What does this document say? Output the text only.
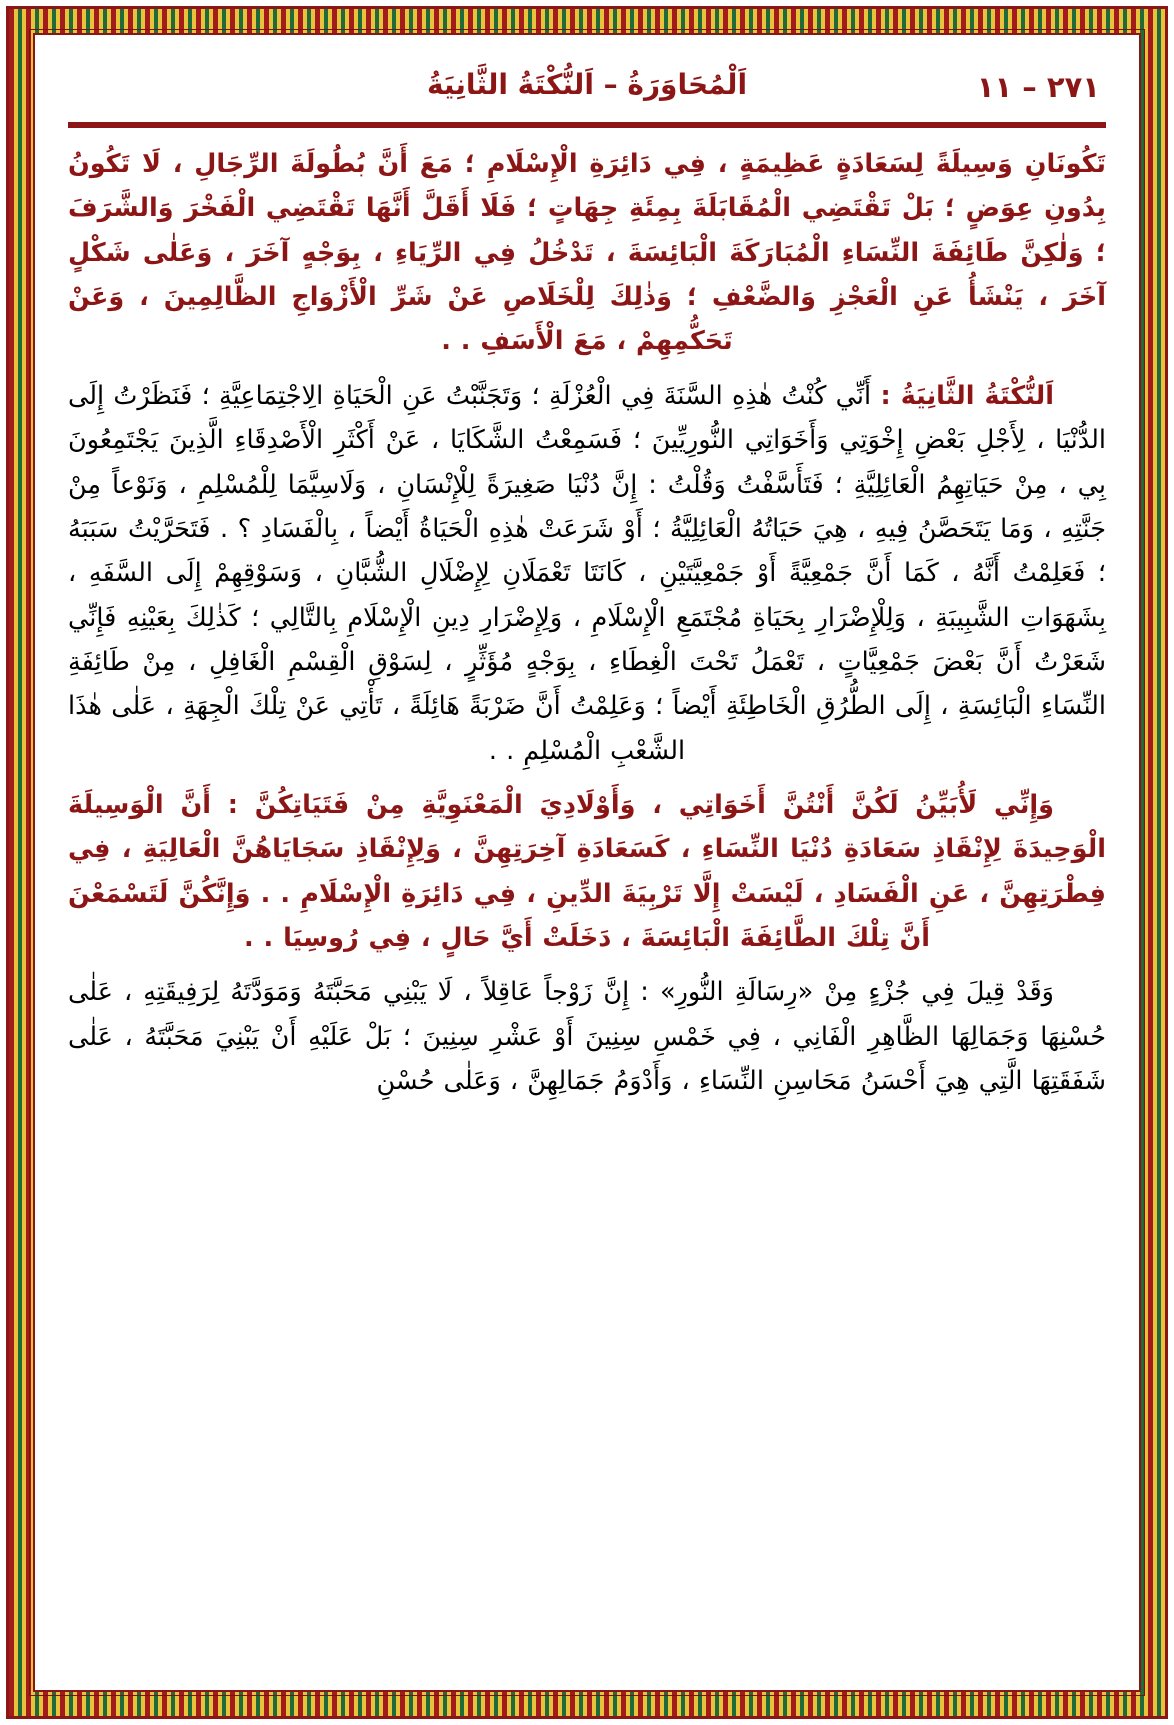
٢٧١ – ١١
اَلْمُحَاوَرَةُ – اَلنُّكْتَةُ الثَّانِيَةُ

تَكُونَانِ وَسِيلَةً لِسَعَادَةٍ عَظِيمَةٍ ، فِي دَائِرَةِ الْإِسْلَامِ ؛ مَعَ أَنَّ بُطُولَةَ الرِّجَالِ ، لَا تَكُونُ بِدُونِ عِوَضٍ ؛ بَلْ تَقْتَضِي الْمُقَابَلَةَ بِمِئَةِ جِهَاتٍ ؛ فَلَا أَقَلَّ أَنَّهَا تَقْتَضِي الْفَخْرَ وَالشَّرَفَ ؛ وَلٰكِنَّ طَائِفَةَ النِّسَاءِ الْمُبَارَكَةَ الْبَائِسَةَ ، تَدْخُلُ فِي الرِّيَاءِ ، بِوَجْهٍ آخَرَ ، وَعَلٰى شَكْلٍ آخَرَ ، يَنْشَأُ عَنِ الْعَجْزِ وَالضَّعْفِ ؛ وَذٰلِكَ لِلْخَلَاصِ عَنْ شَرِّ الْأَزْوَاجِ الظَّالِمِينَ ، وَعَنْ تَحَكُّمِهِمْ ، مَعَ الْأَسَفِ . .

اَلنُّكْتَةُ الثَّانِيَةُ : أَنِّي كُنْتُ هٰذِهِ السَّنَةَ فِي الْعُزْلَةِ ؛ وَتَجَنَّبْتُ عَنِ الْحَيَاةِ الِاجْتِمَاعِيَّةِ ؛ فَنَظَرْتُ إِلَى الدُّنْيَا ، لِأَجْلِ بَعْضِ إِخْوَتِي وَأَخَوَاتِي النُّورِيِّينَ ؛ فَسَمِعْتُ الشَّكَايَا ، عَنْ أَكْثَرِ الْأَصْدِقَاءِ الَّذِينَ يَجْتَمِعُونَ بِي ، مِنْ حَيَاتِهِمُ الْعَائِلِيَّةِ ؛ فَتَأَسَّفْتُ وَقُلْتُ : إِنَّ دُنْيَا صَغِيرَةً لِلْإِنْسَانِ ، وَلَاسِيَّمَا لِلْمُسْلِمِ ، وَنَوْعاً مِنْ جَنَّتِهِ ، وَمَا يَتَحَصَّنُ فِيهِ ، هِيَ حَيَاتُهُ الْعَائِلِيَّةُ ؛ أَوْ شَرَعَتْ هٰذِهِ الْحَيَاةُ أَيْضاً ، بِالْفَسَادِ ؟ . فَتَحَرَّيْتُ سَبَبَهُ ؛ فَعَلِمْتُ أَنَّهُ ، كَمَا أَنَّ جَمْعِيَّةً أَوْ جَمْعِيَّتَيْنِ ، كَانَتَا تَعْمَلَانِ لِإِضْلَالِ الشُّبَّانِ ، وَسَوْقِهِمْ إِلَى السَّفَهِ ، بِشَهَوَاتِ الشَّبِيبَةِ ، وَلِلْإِضْرَارِ بِحَيَاةِ مُجْتَمَعِ الْإِسْلَامِ ، وَلِإِضْرَارِ دِينِ الْإِسْلَامِ بِالتَّالِي ؛ كَذٰلِكَ بِعَيْنِهِ فَإِنِّي شَعَرْتُ أَنَّ بَعْضَ جَمْعِيَّاتٍ ، تَعْمَلُ تَحْتَ الْغِطَاءِ ، بِوَجْهٍ مُؤَثِّرٍ ، لِسَوْقِ الْقِسْمِ الْغَافِلِ ، مِنْ طَائِفَةِ النِّسَاءِ الْبَائِسَةِ ، إِلَى الطُّرُقِ الْخَاطِئَةِ أَيْضاً ؛ وَعَلِمْتُ أَنَّ ضَرْبَةً هَائِلَةً ، تَأْتِي عَنْ تِلْكَ الْجِهَةِ ، عَلٰى هٰذَا الشَّعْبِ الْمُسْلِمِ . .

وَإِنِّي لَأُبَيِّنُ لَكُنَّ أَنْتُنَّ أَخَوَاتِي ، وَأَوْلَادِيَ الْمَعْنَوِيَّةِ مِنْ فَتَيَاتِكُنَّ : أَنَّ الْوَسِيلَةَ الْوَحِيدَةَ لِإِنْقَاذِ سَعَادَةِ دُنْيَا النِّسَاءِ ، كَسَعَادَةِ آخِرَتِهِنَّ ، وَلِإِنْقَاذِ سَجَايَاهُنَّ الْعَالِيَةِ ، فِي فِطْرَتِهِنَّ ، عَنِ الْفَسَادِ ، لَيْسَتْ إِلَّا تَرْبِيَةَ الدِّينِ ، فِي دَائِرَةِ الْإِسْلَامِ . . وَإِنَّكُنَّ لَتَسْمَعْنَ أَنَّ تِلْكَ الطَّائِفَةَ الْبَائِسَةَ ، دَخَلَتْ أَيَّ حَالٍ ، فِي رُوسِيَا . .

وَقَدْ قِيلَ فِي جُزْءٍ مِنْ «رِسَالَةِ النُّورِ» : إِنَّ زَوْجاً عَاقِلاً ، لَا يَبْنِي مَحَبَّتَهُ وَمَوَدَّتَهُ لِرَفِيقَتِهِ ، عَلٰى حُسْنِهَا وَجَمَالِهَا الظَّاهِرِ الْفَانِي ، فِي خَمْسِ سِنِينَ أَوْ عَشْرِ سِنِينَ ؛ بَلْ عَلَيْهِ أَنْ يَبْنِيَ مَحَبَّتَهُ ، عَلٰى شَفَقَتِهَا الَّتِي هِيَ أَحْسَنُ مَحَاسِنِ النِّسَاءِ ، وَأَدْوَمُ جَمَالِهِنَّ ، وَعَلٰى حُسْنِ
